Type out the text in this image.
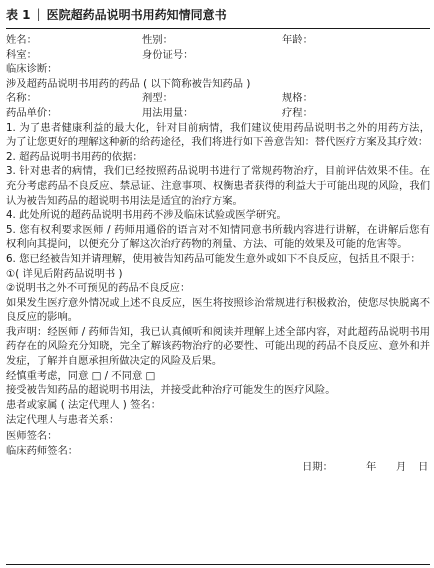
表 1 | 医院超药品说明书用药知情同意书
姓名：	性别：	年龄：
科室：	身份证号：
临床诊断：
涉及超药品说明书用药的药品 ( 以下简称被告知药品 )
名称：	剂型：	规格：
药品单价：	用法用量：	疗程：

1. 为了患者健康利益的最大化，针对目前病情，我们建议使用药品说明书之外的用药方法，为了让您更好的理解这种新的给药途径，我们将进行如下善意告知：替代医疗方案及其疗效：

2. 超药品说明书用药的依据：

3. 针对患者的病情，我们已经按照药品说明书进行了常规药物治疗，目前评估效果不佳。在充分考虑药品不良反应、禁忌证、注意事项、权衡患者获得的利益大于可能出现的风险，我们认为被告知药品的超说明书用法是适宜的治疗方案。

4. 此处所说的超药品说明书用药不涉及临床试验或医学研究。

5. 您有权利要求医师 / 药师用通俗的语言对不知情同意书所载内容进行讲解，在讲解后您有权利向其提问，以便充分了解这次治疗药物的剂量、方法、可能的效果及可能的危害等。

6. 您已经被告知并请理解，使用被告知药品可能发生意外或如下不良反应，包括且不限于：

①( 详见后附药品说明书 )

②说明书之外不可预见的药品不良反应：

如果发生医疗意外情况或上述不良反应，医生将按照诊治常规进行积极救治，使您尽快脱离不良反应的影响。

我声明：经医师 / 药师告知，我已认真倾听和阅读并理解上述全部内容，对此超药品说明书用药存在的风险充分知晓，完全了解该药物治疗的必要性、可能出现的药品不良反应、意外和并发症，了解并自愿承担所做决定的风险及后果。

经慎重考虑，同意 □ / 不同意 □

接受被告知药品的超说明书用法，并接受此种治疗可能发生的医疗风险。

患者或家属 ( 法定代理人 ) 签名：
法定代理人与患者关系：
医师签名：
临床药师签名：
日期：	年	月	日
